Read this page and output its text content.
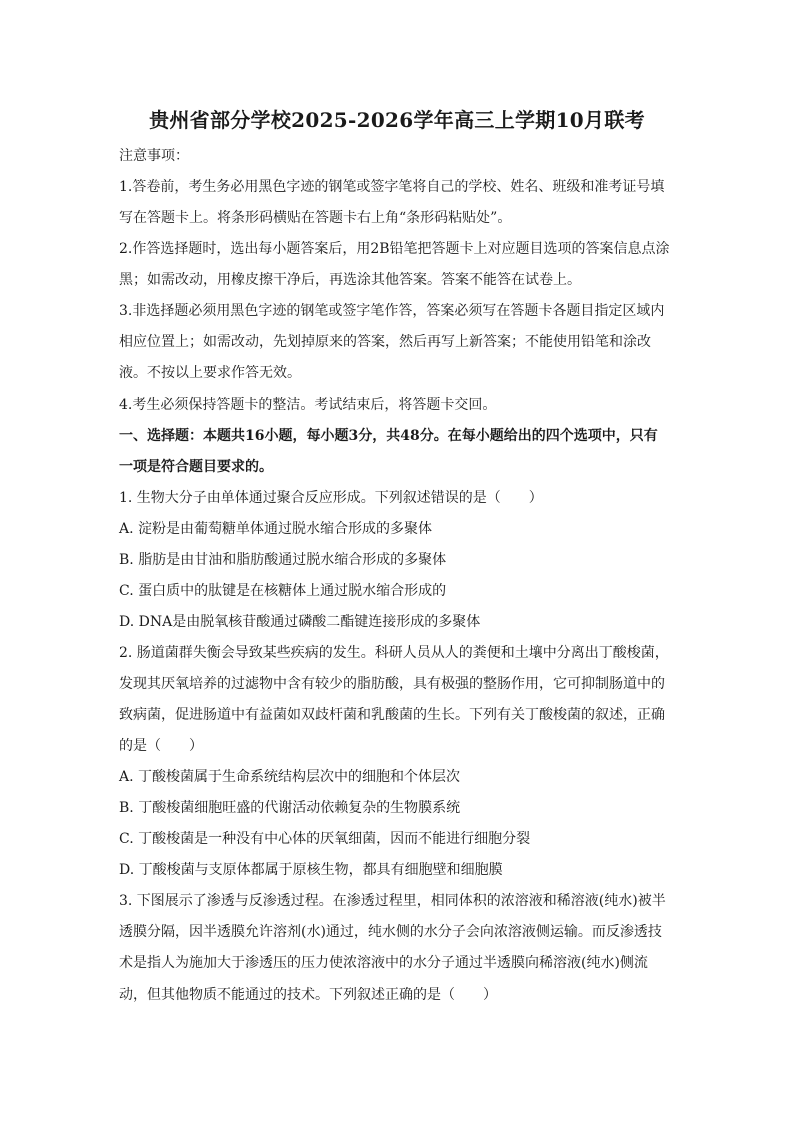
贵州省部分学校2025-2026学年高三上学期10月联考
注意事项：
1.答卷前，考生务必用黑色字迹的钢笔或签字笔将自己的学校、姓名、班级和准考证号填
写在答题卡上。将条形码横贴在答题卡右上角“条形码粘贴处”。
2.作答选择题时，选出每小题答案后，用2B铅笔把答题卡上对应题目选项的答案信息点涂
黑；如需改动，用橡皮擦干净后，再选涂其他答案。答案不能答在试卷上。
3.非选择题必须用黑色字迹的钢笔或签字笔作答，答案必须写在答题卡各题目指定区域内
相应位置上；如需改动，先划掉原来的答案，然后再写上新答案；不能使用铅笔和涂改
液。不按以上要求作答无效。
4.考生必须保持答题卡的整洁。考试结束后，将答题卡交回。
一、选择题：本题共16小题，每小题3分，共48分。在每小题给出的四个选项中，只有
一项是符合题目要求的。
1. 生物大分子由单体通过聚合反应形成。下列叙述错误的是（　　）
A. 淀粉是由葡萄糖单体通过脱水缩合形成的多聚体
B. 脂肪是由甘油和脂肪酸通过脱水缩合形成的多聚体
C. 蛋白质中的肽键是在核糖体上通过脱水缩合形成的
D. DNA是由脱氧核苷酸通过磷酸二酯键连接形成的多聚体
2. 肠道菌群失衡会导致某些疾病的发生。科研人员从人的粪便和土壤中分离出丁酸梭菌，
发现其厌氧培养的过滤物中含有较少的脂肪酸，具有极强的整肠作用，它可抑制肠道中的
致病菌，促进肠道中有益菌如双歧杆菌和乳酸菌的生长。下列有关丁酸梭菌的叙述，正确
的是（　　）
A. 丁酸梭菌属于生命系统结构层次中的细胞和个体层次
B. 丁酸梭菌细胞旺盛的代谢活动依赖复杂的生物膜系统
C. 丁酸梭菌是一种没有中心体的厌氧细菌，因而不能进行细胞分裂
D. 丁酸梭菌与支原体都属于原核生物，都具有细胞壁和细胞膜
3. 下图展示了渗透与反渗透过程。在渗透过程里，相同体积的浓溶液和稀溶液(纯水)被半
透膜分隔，因半透膜允许溶剂(水)通过，纯水侧的水分子会向浓溶液侧运输。而反渗透技
术是指人为施加大于渗透压的压力使浓溶液中的水分子通过半透膜向稀溶液(纯水)侧流
动，但其他物质不能通过的技术。下列叙述正确的是（　　）
